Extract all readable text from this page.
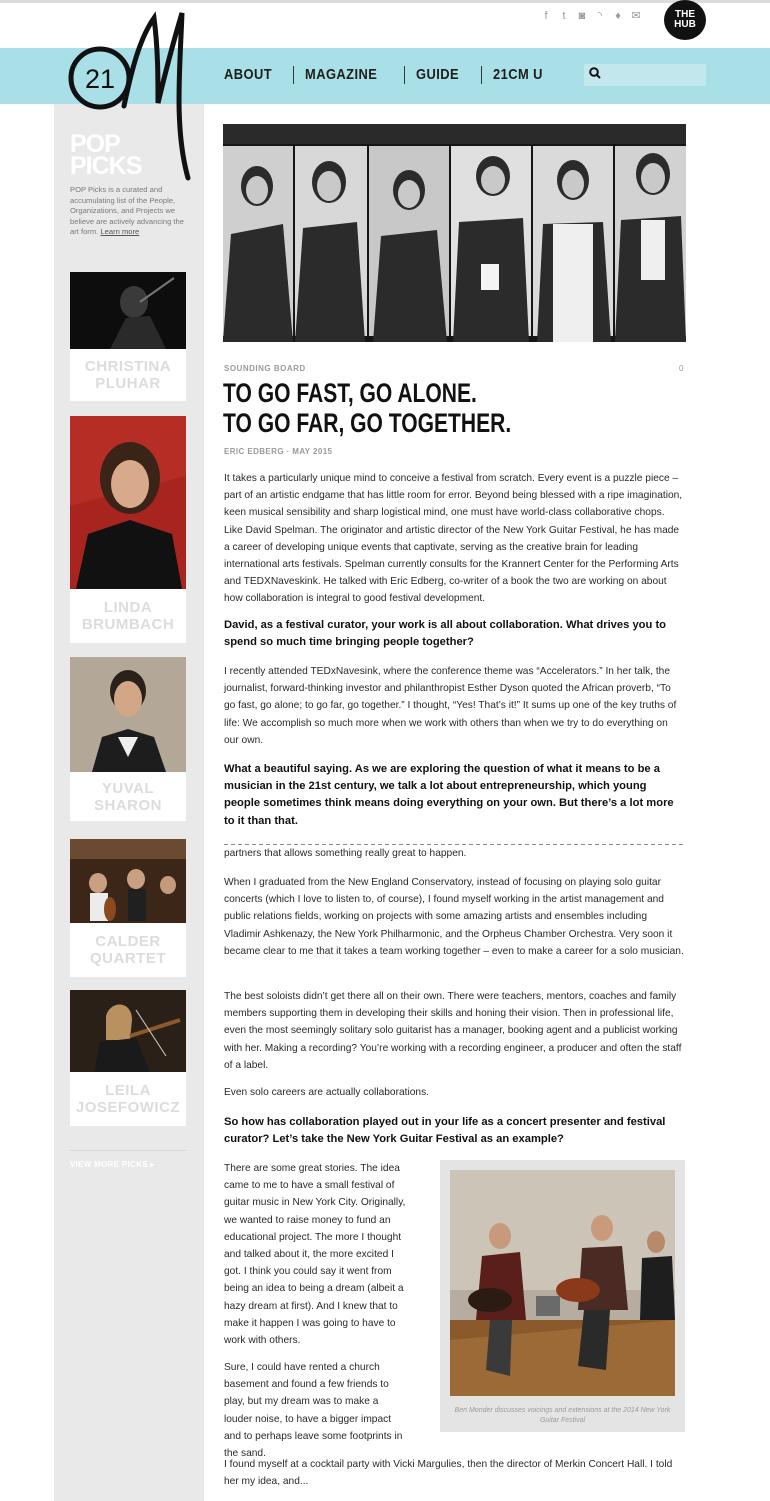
21
f	t	◙	◝	♦ ✉	THE
HUB
ABOUT	MAGAZINE	GUIDE	21CM U
POP
PICKS
POP Picks is a curated and accumulating list of the People, Organizations, and Projects we believe are actively advancing the art form. Learn more
CHRISTINA
PLUHAR
LINDA
BRUMBACH
YUVAL
SHARON
CALDER
QUARTET
LEILA
JOSEFOWICZ
VIEW MORE PICKS ▸
SOUNDING BOARD	0
TO GO FAST, GO ALONE.
TO GO FAR, GO TOGETHER.
ERIC EDBERG · MAY 2015

It takes a particularly unique mind to conceive a festival from scratch. Every event is a puzzle piece – part of an artistic endgame that has little room for error. Beyond being blessed with a ripe imagination, keen musical sensibility and sharp logistical mind, one must have world-class collaborative chops. Like David Spelman. The originator and artistic director of the New York Guitar Festival, he has made a career of developing unique events that captivate, serving as the creative brain for leading international arts festivals. Spelman currently consults for the Krannert Center for the Performing Arts and TEDXNaveskink. He talked with Eric Edberg, co-writer of a book the two are working on about how collaboration is integral to good festival development.

David, as a festival curator, your work is all about collaboration. What drives you to spend so much time bringing people together?

I recently attended TEDxNavesink, where the conference theme was “Accelerators.” In her talk, the journalist, forward-thinking investor and philanthropist Esther Dyson quoted the African proverb, “To go fast, go alone; to go far, go together.” I thought, “Yes! That’s it!” It sums up one of the key truths of life: We accomplish so much more when we work with others than when we try to do everything on our own.

What a beautiful saying. As we are exploring the question of what it means to be a musician in the 21st century, we talk a lot about entrepreneurship, which young people sometimes think means doing everything on your own. But there’s a lot more to it than that.

partners that allows something really great to happen.

When I graduated from the New England Conservatory, instead of focusing on playing solo guitar concerts (which I love to listen to, of course), I found myself working in the artist management and public relations fields, working on projects with some amazing artists and ensembles including Vladimir Ashkenazy, the New York Philharmonic, and the Orpheus Chamber Orchestra. Very soon it became clear to me that it takes a team working together – even to make a career for a solo musician.

The best soloists didn’t get there all on their own. There were teachers, mentors, coaches and family members supporting them in developing their skills and honing their vision. Then in professional life, even the most seemingly solitary solo guitarist has a manager, booking agent and a publicist working with her. Making a recording? You’re working with a recording engineer, a producer and often the staff of a label.

Even solo careers are actually collaborations.

So how has collaboration played out in your life as a concert presenter and festival curator? Let’s take the New York Guitar Festival as an example?

There are some great stories. The idea came to me to have a small festival of guitar music in New York City. Originally, we wanted to raise money to fund an educational project. The more I thought and talked about it, the more excited I got. I think you could say it went from being an idea to being a dream (albeit a hazy dream at first). And I knew that to make it happen I was going to have to work with others.

Sure, I could have rented a church basement and found a few friends to play, but my dream was to make a louder noise, to have a bigger impact and to perhaps leave some footprints in the sand.

Ben Monder discusses voicings and extensions at the 2014 New York Guitar Festival

I found myself at a cocktail party with Vicki Margulies, then the director of Merkin Concert Hall. I told her my idea, and...
